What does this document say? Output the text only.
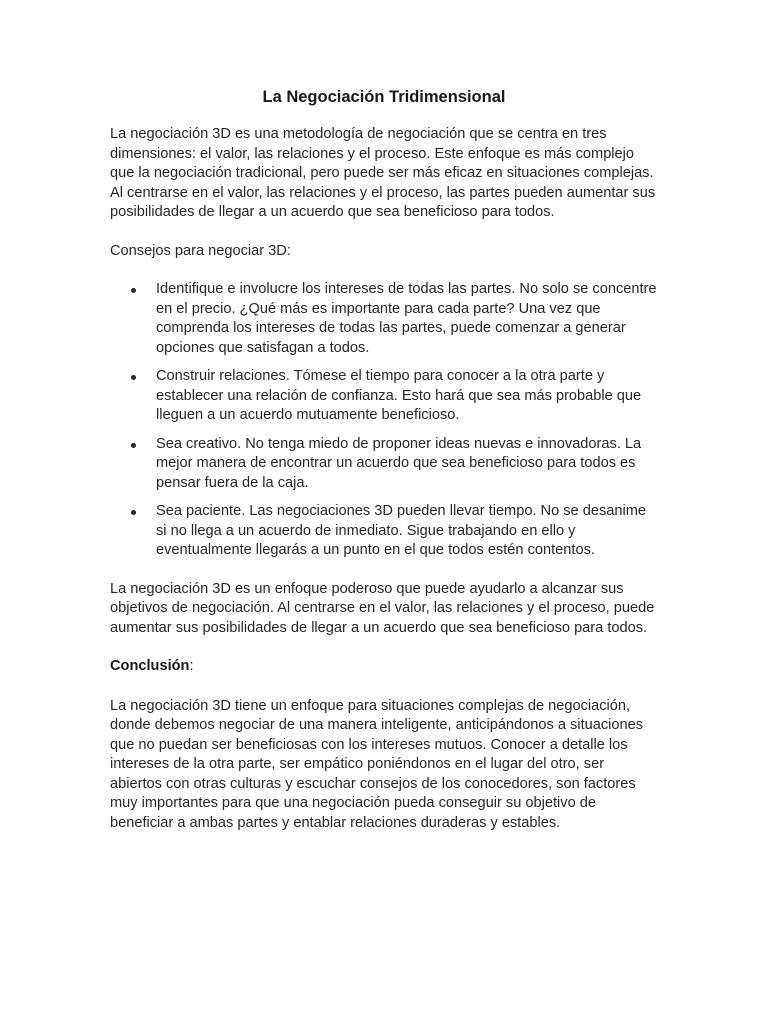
La Negociación Tridimensional

La negociación 3D es una metodología de negociación que se centra en tres dimensiones: el valor, las relaciones y el proceso. Este enfoque es más complejo que la negociación tradicional, pero puede ser más eficaz en situaciones complejas. Al centrarse en el valor, las relaciones y el proceso, las partes pueden aumentar sus posibilidades de llegar a un acuerdo que sea beneficioso para todos.

Consejos para negociar 3D:

Identifique e involucre los intereses de todas las partes. No solo se concentre en el precio. ¿Qué más es importante para cada parte? Una vez que comprenda los intereses de todas las partes, puede comenzar a generar opciones que satisfagan a todos.
Construir relaciones. Tómese el tiempo para conocer a la otra parte y establecer una relación de confianza. Esto hará que sea más probable que lleguen a un acuerdo mutuamente beneficioso.
Sea creativo. No tenga miedo de proponer ideas nuevas e innovadoras. La mejor manera de encontrar un acuerdo que sea beneficioso para todos es pensar fuera de la caja.
Sea paciente. Las negociaciones 3D pueden llevar tiempo. No se desanime si no llega a un acuerdo de inmediato. Sigue trabajando en ello y eventualmente llegarás a un punto en el que todos estén contentos.

La negociación 3D es un enfoque poderoso que puede ayudarlo a alcanzar sus objetivos de negociación. Al centrarse en el valor, las relaciones y el proceso, puede aumentar sus posibilidades de llegar a un acuerdo que sea beneficioso para todos.

Conclusión:

La negociación 3D tiene un enfoque para situaciones complejas de negociación, donde debemos negociar de una manera inteligente, anticipándonos a situaciones que no puedan ser beneficiosas con los intereses mutuos. Conocer a detalle los intereses de la otra parte, ser empático poniéndonos en el lugar del otro, ser abiertos con otras culturas y escuchar consejos de los conocedores, son factores muy importantes para que una negociación pueda conseguir su objetivo de beneficiar a ambas partes y entablar relaciones duraderas y estables.
